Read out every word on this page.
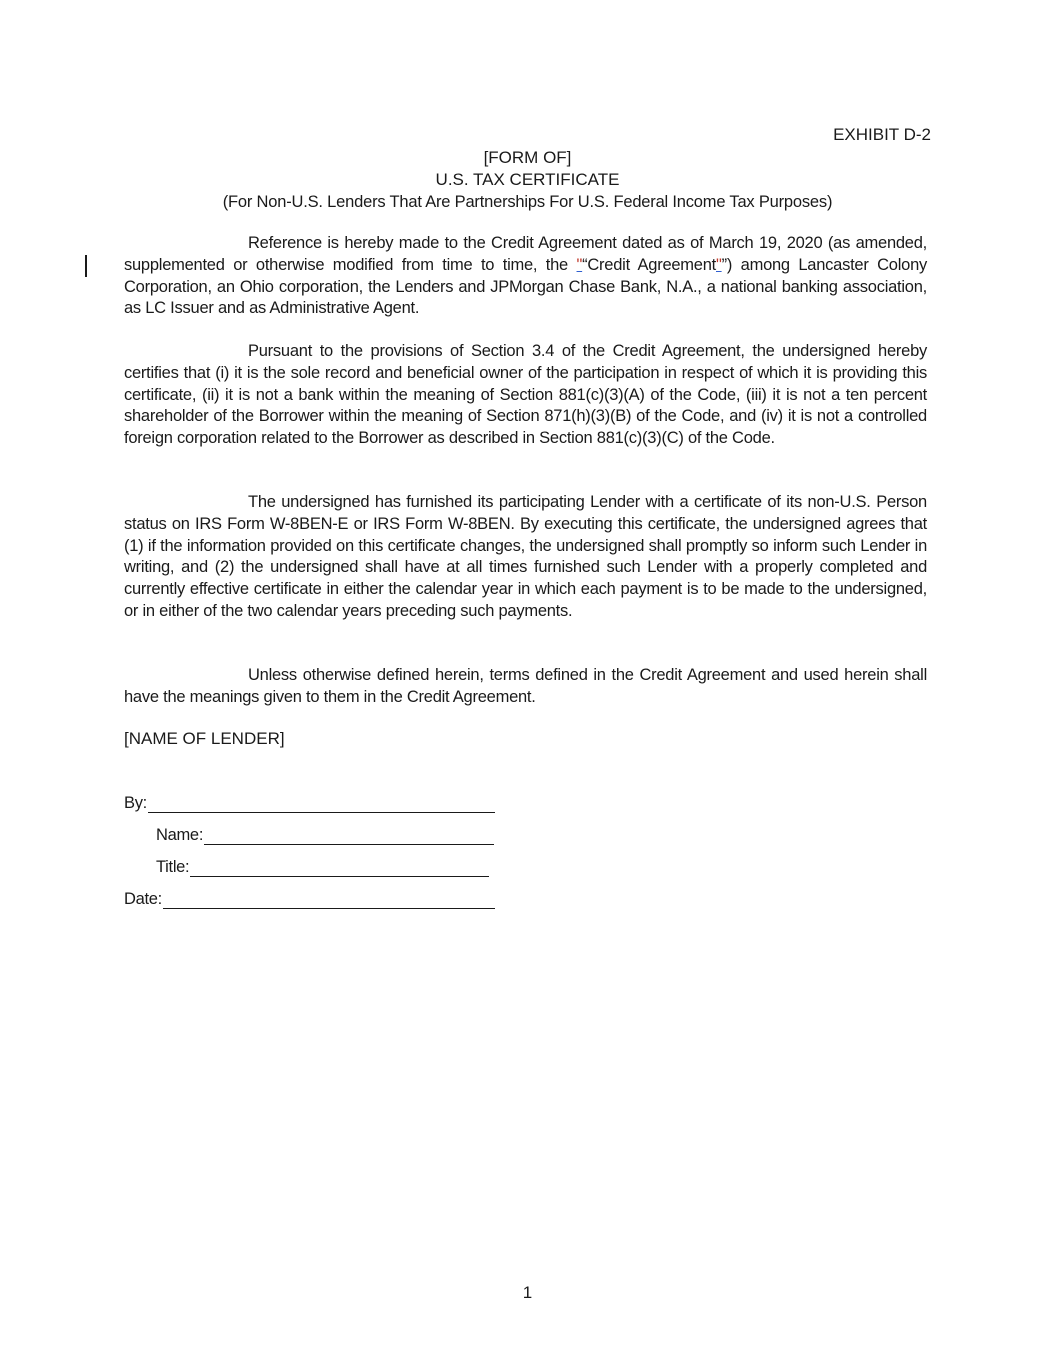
EXHIBIT D-2
[FORM OF]
U.S. TAX CERTIFICATE
(For Non-U.S. Lenders That Are Partnerships For U.S. Federal Income Tax Purposes)

Reference is hereby made to the Credit Agreement dated as of March 19, 2020 (as amended, supplemented or otherwise modified from time to time, the "“Credit Agreement"”) among Lancaster Colony Corporation, an Ohio corporation, the Lenders and JPMorgan Chase Bank, N.A., a national banking association, as LC Issuer and as Administrative Agent.

Pursuant to the provisions of Section 3.4 of the Credit Agreement, the undersigned hereby certifies that (i) it is the sole record and beneficial owner of the participation in respect of which it is providing this certificate, (ii) it is not a bank within the meaning of Section 881(c)(3)(A) of the Code, (iii) it is not a ten percent shareholder of the Borrower within the meaning of Section 871(h)(3)(B) of the Code, and (iv) it is not a controlled foreign corporation related to the Borrower as described in Section 881(c)(3)(C) of the Code.

The undersigned has furnished its participating Lender with a certificate of its non-U.S. Person status on IRS Form W-8BEN-E or IRS Form W-8BEN. By executing this certificate, the undersigned agrees that (1) if the information provided on this certificate changes, the undersigned shall promptly so inform such Lender in writing, and (2) the undersigned shall have at all times furnished such Lender with a properly completed and currently effective certificate in either the calendar year in which each payment is to be made to the undersigned, or in either of the two calendar years preceding such payments.

Unless otherwise defined herein, terms defined in the Credit Agreement and used herein shall have the meanings given to them in the Credit Agreement.

[NAME OF LENDER]
By:
Name:
Title:
Date:
1
